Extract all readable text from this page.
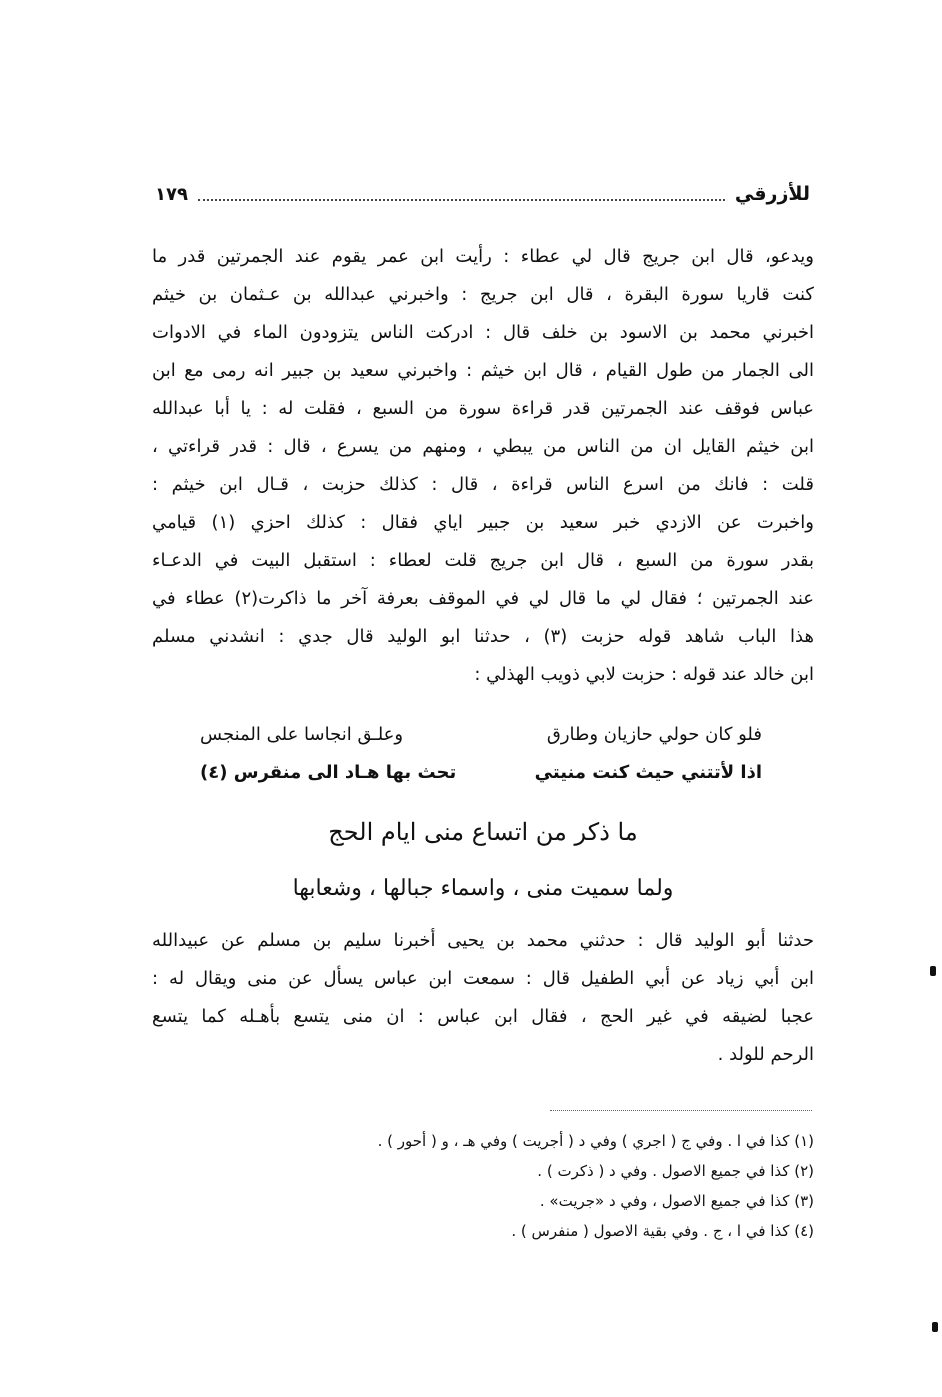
للأزرقي
١٧٩
ويدعو، قال ابن جريج قال لي عطاء : رأيت ابن عمر يقوم عند الجمرتين قدر ما
كنت قاريا سورة البقرة ، قال ابن جريج : واخبرني عبدالله بن عـثمان بن خيثم
اخبرني محمد بن الاسود بن خلف قال : ادركت الناس يتزودون الماء في الادوات
الى الجمار من طول القيام ، قال ابن خيثم : واخبرني سعيد بن جبير انه رمى مع ابن
عباس فوقف عند الجمرتين قدر قراءة سورة من السبع ، فقلت له : يا أبا عبدالله
ابن خيثم القايل ان من الناس من يبطي ، ومنهم من يسرع ، قال : قدر قراءتي ،
قلت : فانك من اسرع الناس قراءة ، قال : كذلك حزبت ، قـال ابن خيثم :
واخبرت عن الازدي خبر سعيد بن جبير اياي فقال : كذلك احزي (١) قيامي
بقدر سورة من السبع ، قال ابن جريج قلت لعطاء : استقبل البيت في الدعـاء
عند الجمرتين ؛ فقال لي ما قال لي في الموقف بعرفة آخر ما ذاكرت(٢) عطاء في
هذا الباب شاهد قوله حزبت (٣) ، حدثنا ابو الوليد قال جدي : انشدني مسلم
ابن خالد عند قوله : حزبت لابي ذويب الهذلي :
فلو كان حولي حازيان وطارق
وعلـق انجاسا على المنجس
اذا لأتتني حيث كنت منيتي
تحث بها هـاد الى منقرس (٤)
ما ذكر من اتساع منى ايام الحج
ولما سميت منى ، واسماء جبالها ، وشعابها
حدثنا أبو الوليد قال : حدثني محمد بن يحيى أخبرنا سليم بن مسلم عن عبيدالله
ابن أبي زياد عن أبي الطفيل قال : سمعت ابن عباس يسأل عن منى ويقال له :
عجبا لضيقه في غير الحج ، فقال ابن عباس : ان منى يتسع بأهـله كما يتسع
الرحم للولد .
(١) كذا في ا . وفي ج ( اجري ) وفي د ( أجريت ) وفي هـ ، و ( أحور ) .
(٢) كذا في جميع الاصول . وفي د ( ذكرت ) .
(٣) كذا في جميع الاصول ، وفي د «جريت» .
(٤) كذا في ا ، ج . وفي بقية الاصول ( منفرس ) .
